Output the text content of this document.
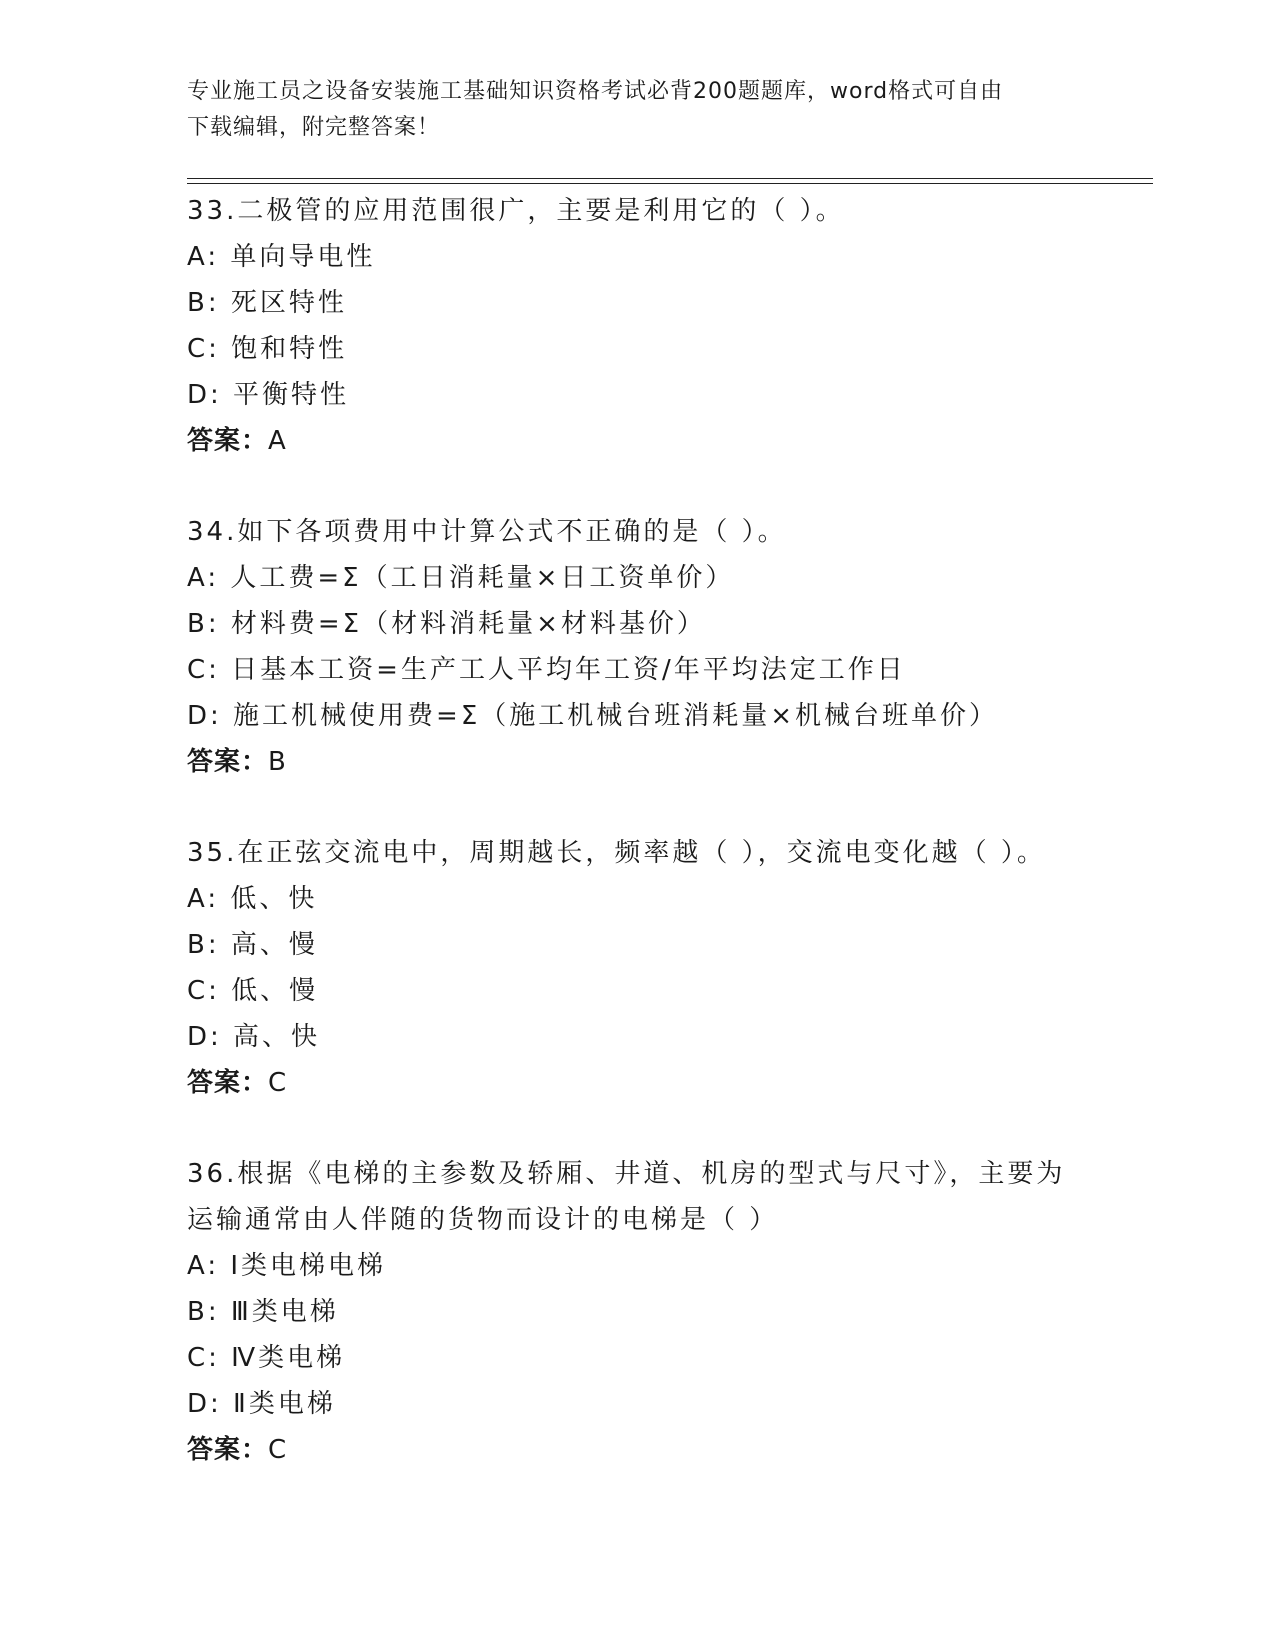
专业施工员之设备安装施工基础知识资格考试必背200题题库，word格式可自由
下载编辑，附完整答案！
33.二极管的应用范围很广，主要是利用它的（ ）。
A: 单向导电性
B: 死区特性
C: 饱和特性
D: 平衡特性
答案：A
34.如下各项费用中计算公式不正确的是（ ）。
A: 人工费=Σ（工日消耗量×日工资单价）
B: 材料费=Σ（材料消耗量×材料基价）
C: 日基本工资=生产工人平均年工资/年平均法定工作日
D: 施工机械使用费=Σ（施工机械台班消耗量×机械台班单价）
答案：B
35.在正弦交流电中，周期越长，频率越（ ），交流电变化越（ ）。
A: 低、快
B: 高、慢
C: 低、慢
D: 高、快
答案：C
36.根据《电梯的主参数及轿厢、井道、机房的型式与尺寸》，主要为
运输通常由人伴随的货物而设计的电梯是（ ）
A: Ⅰ类电梯电梯
B: Ⅲ类电梯
C: Ⅳ类电梯
D: Ⅱ类电梯
答案：C
